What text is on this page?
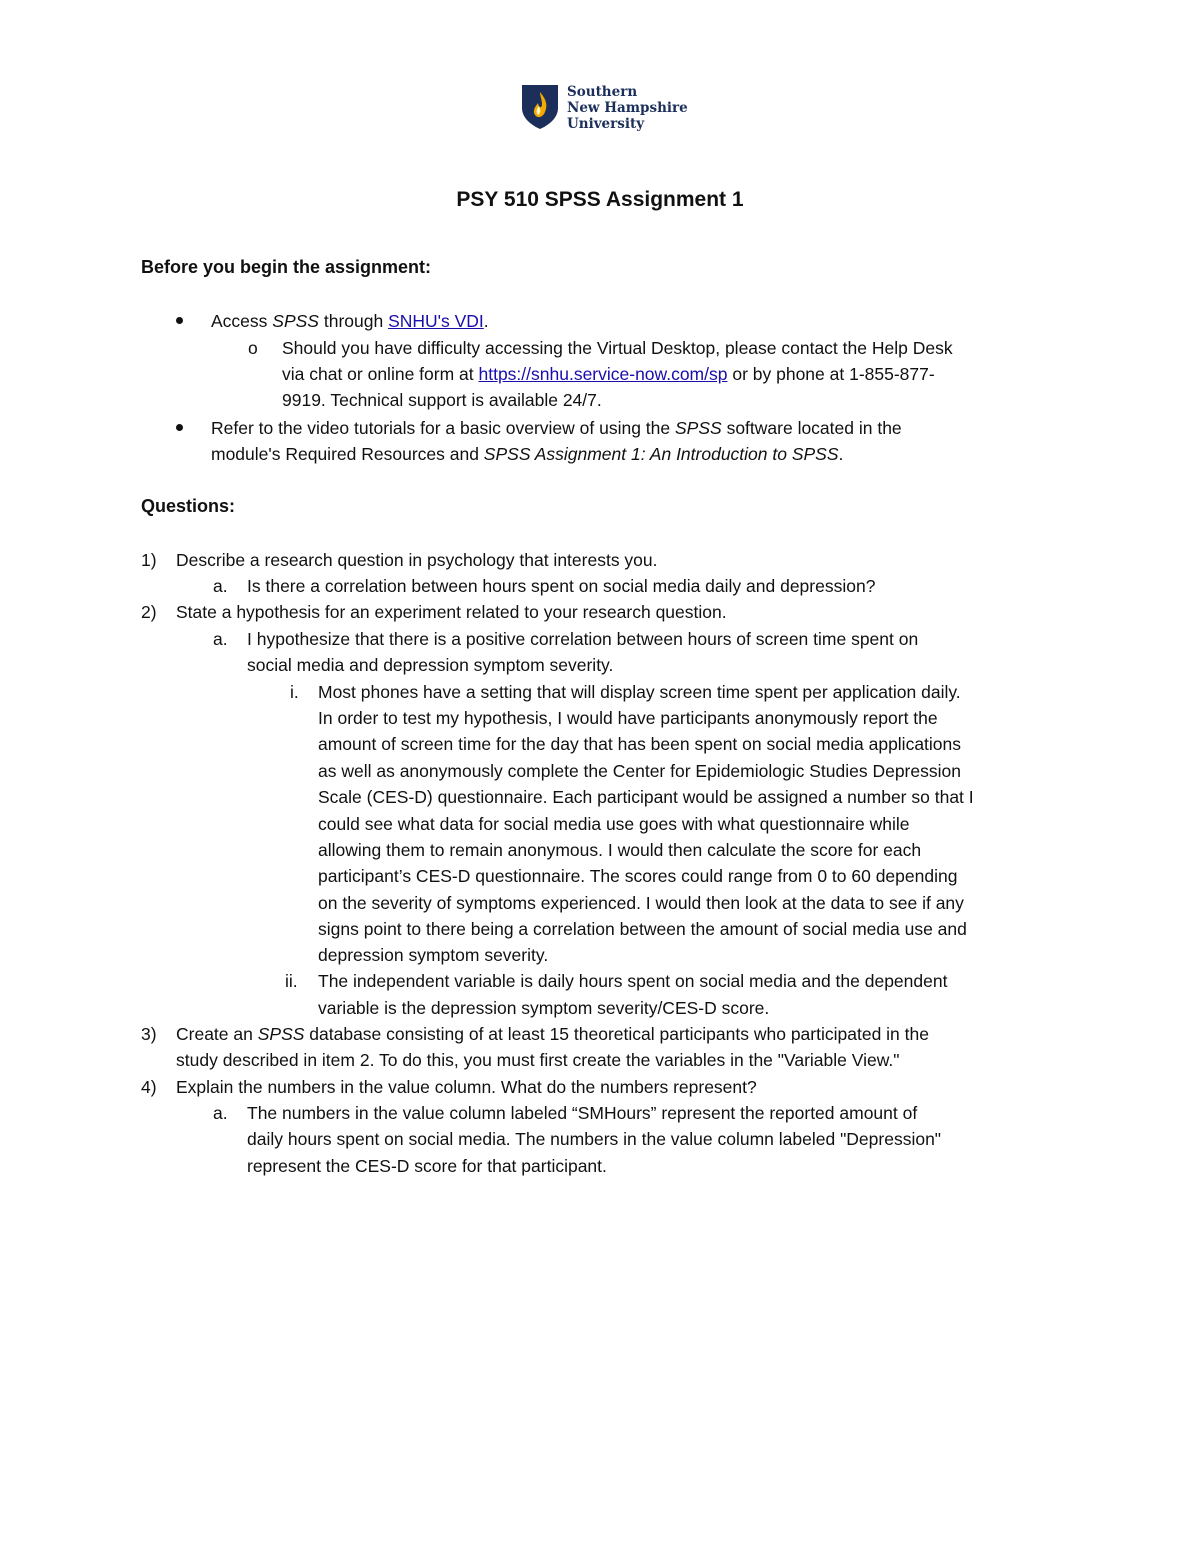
Southern
New Hampshire
University
PSY 510 SPSS Assignment 1
Before you begin the assignment:
Access SPSS through SNHU's VDI.
o Should you have difficulty accessing the Virtual Desktop, please contact the Help Desk
via chat or online form at https://snhu.service-now.com/sp or by phone at 1-855-877-
9919. Technical support is available 24/7.
Refer to the video tutorials for a basic overview of using the SPSS software located in the
module's Required Resources and SPSS Assignment 1: An Introduction to SPSS.
Questions:
1) Describe a research question in psychology that interests you.
a. Is there a correlation between hours spent on social media daily and depression?
2) State a hypothesis for an experiment related to your research question.
a. I hypothesize that there is a positive correlation between hours of screen time spent on
social media and depression symptom severity.
i. Most phones have a setting that will display screen time spent per application daily.
In order to test my hypothesis, I would have participants anonymously report the
amount of screen time for the day that has been spent on social media applications
as well as anonymously complete the Center for Epidemiologic Studies Depression
Scale (CES-D) questionnaire. Each participant would be assigned a number so that I
could see what data for social media use goes with what questionnaire while
allowing them to remain anonymous. I would then calculate the score for each
participant’s CES-D questionnaire. The scores could range from 0 to 60 depending
on the severity of symptoms experienced. I would then look at the data to see if any
signs point to there being a correlation between the amount of social media use and
depression symptom severity.
ii. The independent variable is daily hours spent on social media and the dependent
variable is the depression symptom severity/CES-D score.
3) Create an SPSS database consisting of at least 15 theoretical participants who participated in the
study described in item 2. To do this, you must first create the variables in the "Variable View."
4) Explain the numbers in the value column. What do the numbers represent?
a. The numbers in the value column labeled “SMHours” represent the reported amount of
daily hours spent on social media. The numbers in the value column labeled "Depression"
represent the CES-D score for that participant.
